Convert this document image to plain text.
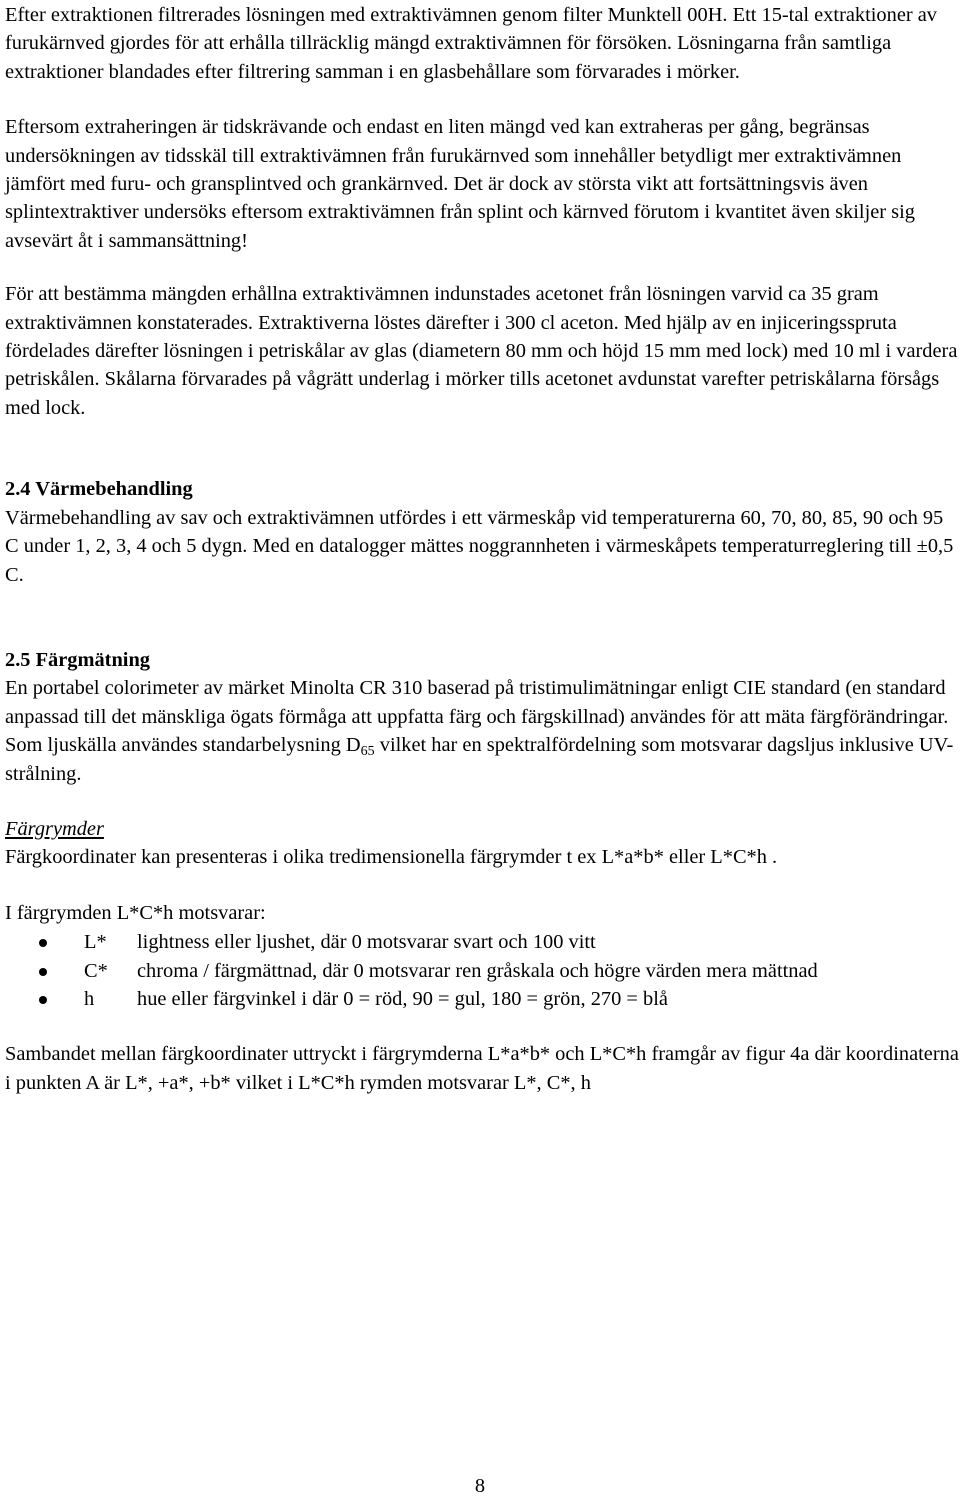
Efter extraktionen filtrerades lösningen med extraktivämnen genom filter Munktell 00H. Ett 15-tal extraktioner av furukärnved gjordes för att erhålla tillräcklig mängd extraktivämnen för försöken. Lösningarna från samtliga extraktioner blandades efter filtrering samman i en glasbehållare som förvarades i mörker.

Eftersom extraheringen är tidskrävande och endast en liten mängd ved kan extraheras per gång, begränsas undersökningen av tidsskäl till extraktivämnen från furukärnved som innehåller betydligt mer extraktivämnen jämfört med furu- och gransplintved och grankärnved. Det är dock av största vikt att fortsättningsvis även splintextraktiver undersöks eftersom extraktivämnen från splint och kärnved förutom i kvantitet även skiljer sig avsevärt åt i sammansättning!

För att bestämma mängden erhållna extraktivämnen indunstades acetonet från lösningen varvid ca 35 gram extraktivämnen konstaterades. Extraktiverna löstes därefter i 300 cl aceton. Med hjälp av en injiceringsspruta fördelades därefter lösningen i petriskålar av glas (diametern 80 mm och höjd 15 mm med lock) med 10 ml i vardera petriskålen. Skålarna förvarades på vågrätt underlag i mörker tills acetonet avdunstat varefter petriskålarna försågs med lock.

2.4 Värmebehandling

Värmebehandling av sav och extraktivämnen utfördes i ett värmeskåp vid temperaturerna 60, 70, 80, 85, 90 och 95 C under 1, 2, 3, 4 och 5 dygn. Med en datalogger mättes noggrannheten i värmeskåpets temperaturreglering till ±0,5 C.

2.5 Färgmätning

En portabel colorimeter av märket Minolta CR 310 baserad på tristimulimätningar enligt CIE standard (en standard anpassad till det mänskliga ögats förmåga att uppfatta färg och färgskillnad) användes för att mäta färgförändringar. Som ljuskälla användes standarbelysning $D_{65}$ vilket har en spektralfördelning som motsvarar dagsljus inklusive UV-strålning.

Färgrymder

Färgkoordinater kan presenteras i olika tredimensionella färgrymder t ex L*a*b* eller L*C*h .

I färgrymden L*C*h motsvarar:

L* lightness eller ljushet, där 0 motsvarar svart och 100 vitt
C* chroma / färgmättnad, där 0 motsvarar ren gråskala och högre värden mera mättnad
h hue eller färgvinkel i där 0 = röd, 90 = gul, 180 = grön, 270 = blå

Sambandet mellan färgkoordinater uttryckt i färgrymderna L*a*b* och L*C*h framgår av figur 4a där koordinaterna i punkten A är L*, +a*, +b* vilket i L*C*h rymden motsvarar L*, C*, h

8
